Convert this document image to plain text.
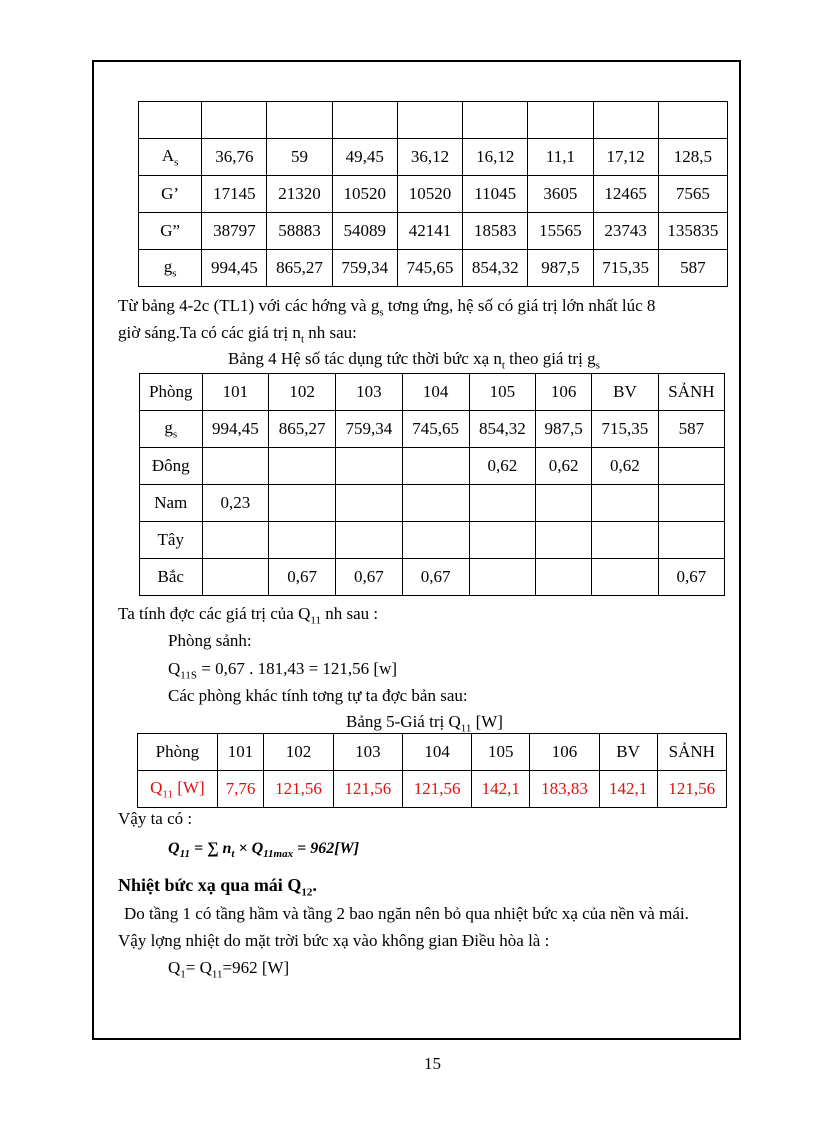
$A_s$	36,76	59	49,45	36,12	16,12	11,1	17,12	128,5
G’	17145	21320	10520	10520	11045	3605	12465	7565
G”	38797	58883	54089	42141	18583	15565	23743	135835
$g_s$	994,45	865,27	759,34	745,65	854,32	987,5	715,35	587
Từ bảng 4-2c (TL1) với các hớng và $g_s$ tơng ứng, hệ số có giá trị lớn nhất lúc 8
giờ sáng.Ta có các giá trị $n_t$ nh sau:
Bảng 4 Hệ số tác dụng tức thời bức xạ $n_t$ theo giá trị $g_s$
Phòng	101	102	103	104	105	106	BV	SẢNH
$g_s$	994,45	865,27	759,34	745,65	854,32	987,5	715,35	587
Đông					0,62	0,62	0,62	
Nam	0,23							
Tây								
Bắc		0,67	0,67	0,67				0,67
Ta tính đợc các giá trị của $Q_{11}$ nh sau :
Phòng sảnh:
$Q_{11S} = 0,67$ . 181,43 = 121,56 [w]
Các phòng khác tính tơng tự ta đợc bản sau:
Bảng 5-Giá trị $Q_{11}$ [W]
Phòng	101	102	103	104	105	106	BV	SẢNH
$Q_{11}$ [W]	7,76	121,56	121,56	121,56	142,1	183,83	142,1	121,56
Vậy ta có :
$Q_{11}$ = ∑ $n_t \times Q_{11max} = 962[W]$
Nhiệt bức xạ qua mái $Q_{12}$.
Do tầng 1 có tầng hầm và tầng 2 bao ngăn nên bỏ qua nhiệt bức xạ của nền và mái.
Vậy lợng nhiệt do mặt trời bức xạ vào không gian Điều hòa là :
$Q_1= Q_{11}=962$ [W]
15
